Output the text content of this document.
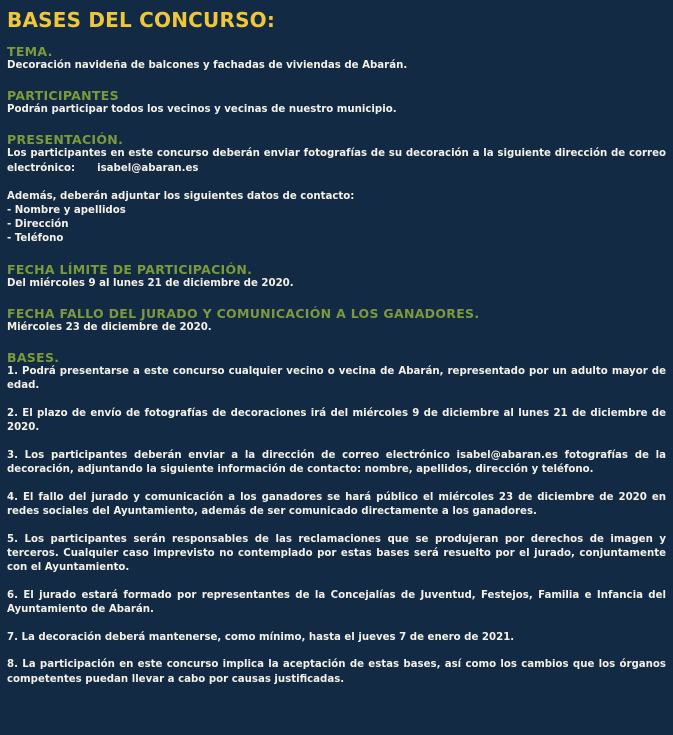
BASES DEL CONCURSO:
TEMA.

Decoración navideña de balcones y fachadas de viviendas de Abarán.

PARTICIPANTES

Podrán participar todos los vecinos y vecinas de nuestro municipio.

PRESENTACIÓN.

Los participantes en este concurso deberán enviar fotografías de su decoración a la siguiente dirección de correo electrónico: isabel@abaran.es

Además, deberán adjuntar los siguientes datos de contacto:

- Nombre y apellidos
- Dirección
- Teléfono
FECHA LÍMITE DE PARTICIPACIÓN.

Del miércoles 9 al lunes 21 de diciembre de 2020.

FECHA FALLO DEL JURADO Y COMUNICACIÓN A LOS GANADORES.

Miércoles 23 de diciembre de 2020.

BASES.

1. Podrá presentarse a este concurso cualquier vecino o vecina de Abarán, representado por un adulto mayor de edad.

2. El plazo de envío de fotografías de decoraciones irá del miércoles 9 de diciembre al lunes 21 de diciembre de 2020.

3. Los participantes deberán enviar a la dirección de correo electrónico isabel@abaran.es fotografías de la decoración, adjuntando la siguiente información de contacto: nombre, apellidos, dirección y teléfono.

4. El fallo del jurado y comunicación a los ganadores se hará público el miércoles 23 de diciembre de 2020 en redes sociales del Ayuntamiento, además de ser comunicado directamente a los ganadores.

5. Los participantes serán responsables de las reclamaciones que se produjeran por derechos de imagen y terceros. Cualquier caso imprevisto no contemplado por estas bases será resuelto por el jurado, conjuntamente con el Ayuntamiento.

6. El jurado estará formado por representantes de la Concejalías de Juventud, Festejos, Familia e Infancia del Ayuntamiento de Abarán.

7. La decoración deberá mantenerse, como mínimo, hasta el jueves 7 de enero de 2021.

8. La participación en este concurso implica la aceptación de estas bases, así como los cambios que los órganos competentes puedan llevar a cabo por causas justificadas.
